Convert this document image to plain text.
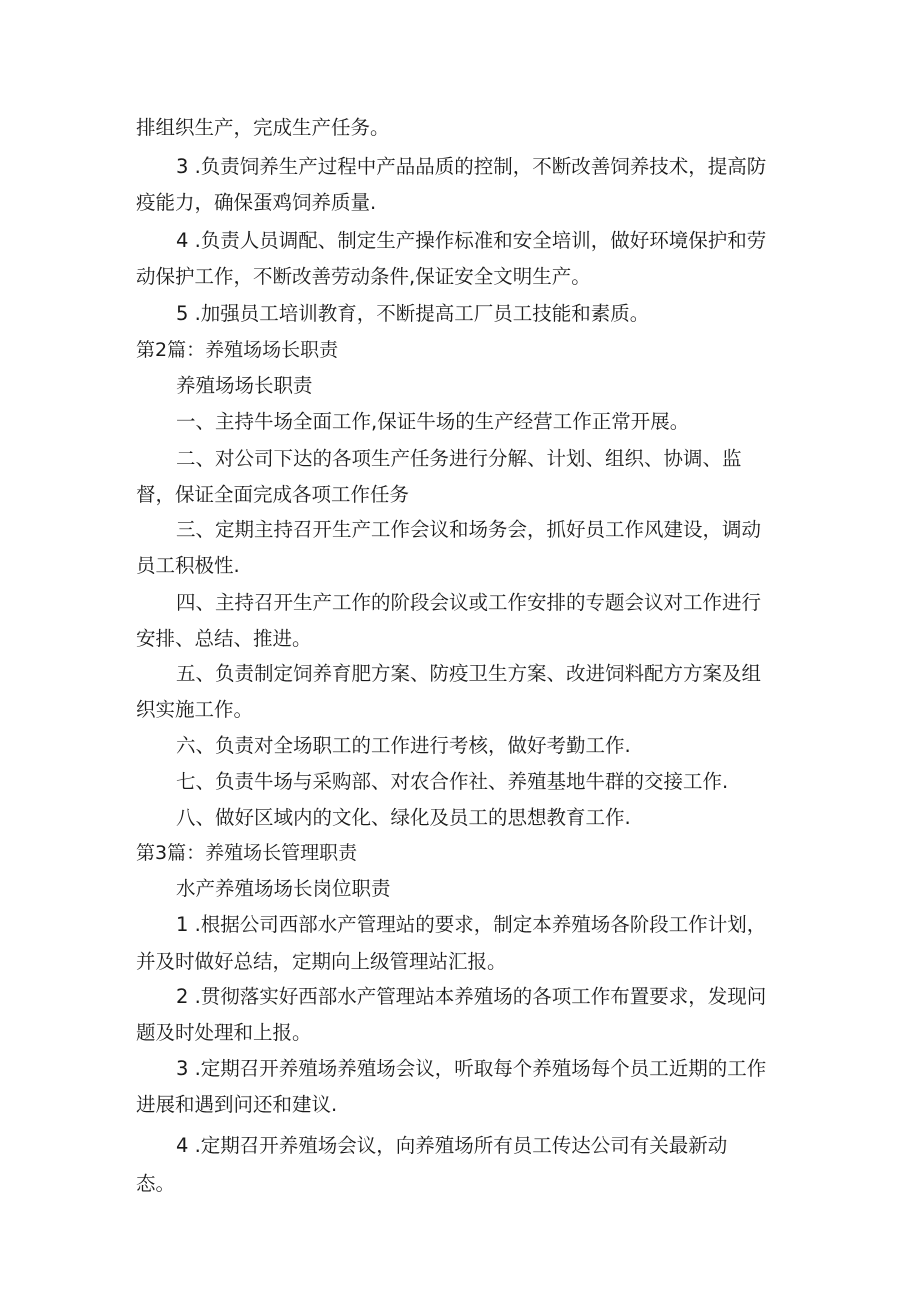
排组织生产，完成生产任务。

3 .负责饲养生产过程中产品品质的控制，不断改善饲养技术，提高防

疫能力，确保蛋鸡饲养质量.

4 .负责人员调配、制定生产操作标准和安全培训，做好环境保护和劳

动保护工作，不断改善劳动条件,保证安全文明生产。

5 .加强员工培训教育，不断提高工厂员工技能和素质。

第2篇：养殖场场长职责

养殖场场长职责

一、主持牛场全面工作,保证牛场的生产经营工作正常开展。

二、对公司下达的各项生产任务进行分解、计划、组织、协调、监

督，保证全面完成各项工作任务

三、定期主持召开生产工作会议和场务会，抓好员工作风建设，调动

员工积极性.

四、主持召开生产工作的阶段会议或工作安排的专题会议对工作进行

安排、总结、推进。

五、负责制定饲养育肥方案、防疫卫生方案、改进饲料配方方案及组

织实施工作。

六、负责对全场职工的工作进行考核，做好考勤工作.

七、负责牛场与采购部、对农合作社、养殖基地牛群的交接工作.

八、做好区域内的文化、绿化及员工的思想教育工作.

第3篇：养殖场长管理职责

水产养殖场场长岗位职责

1 .根据公司西部水产管理站的要求，制定本养殖场各阶段工作计划，

并及时做好总结，定期向上级管理站汇报。

2 .贯彻落实好西部水产管理站本养殖场的各项工作布置要求，发现问

题及时处理和上报。

3 .定期召开养殖场养殖场会议，听取每个养殖场每个员工近期的工作

进展和遇到问还和建议.

4 .定期召开养殖场会议，向养殖场所有员工传达公司有关最新动

态。
